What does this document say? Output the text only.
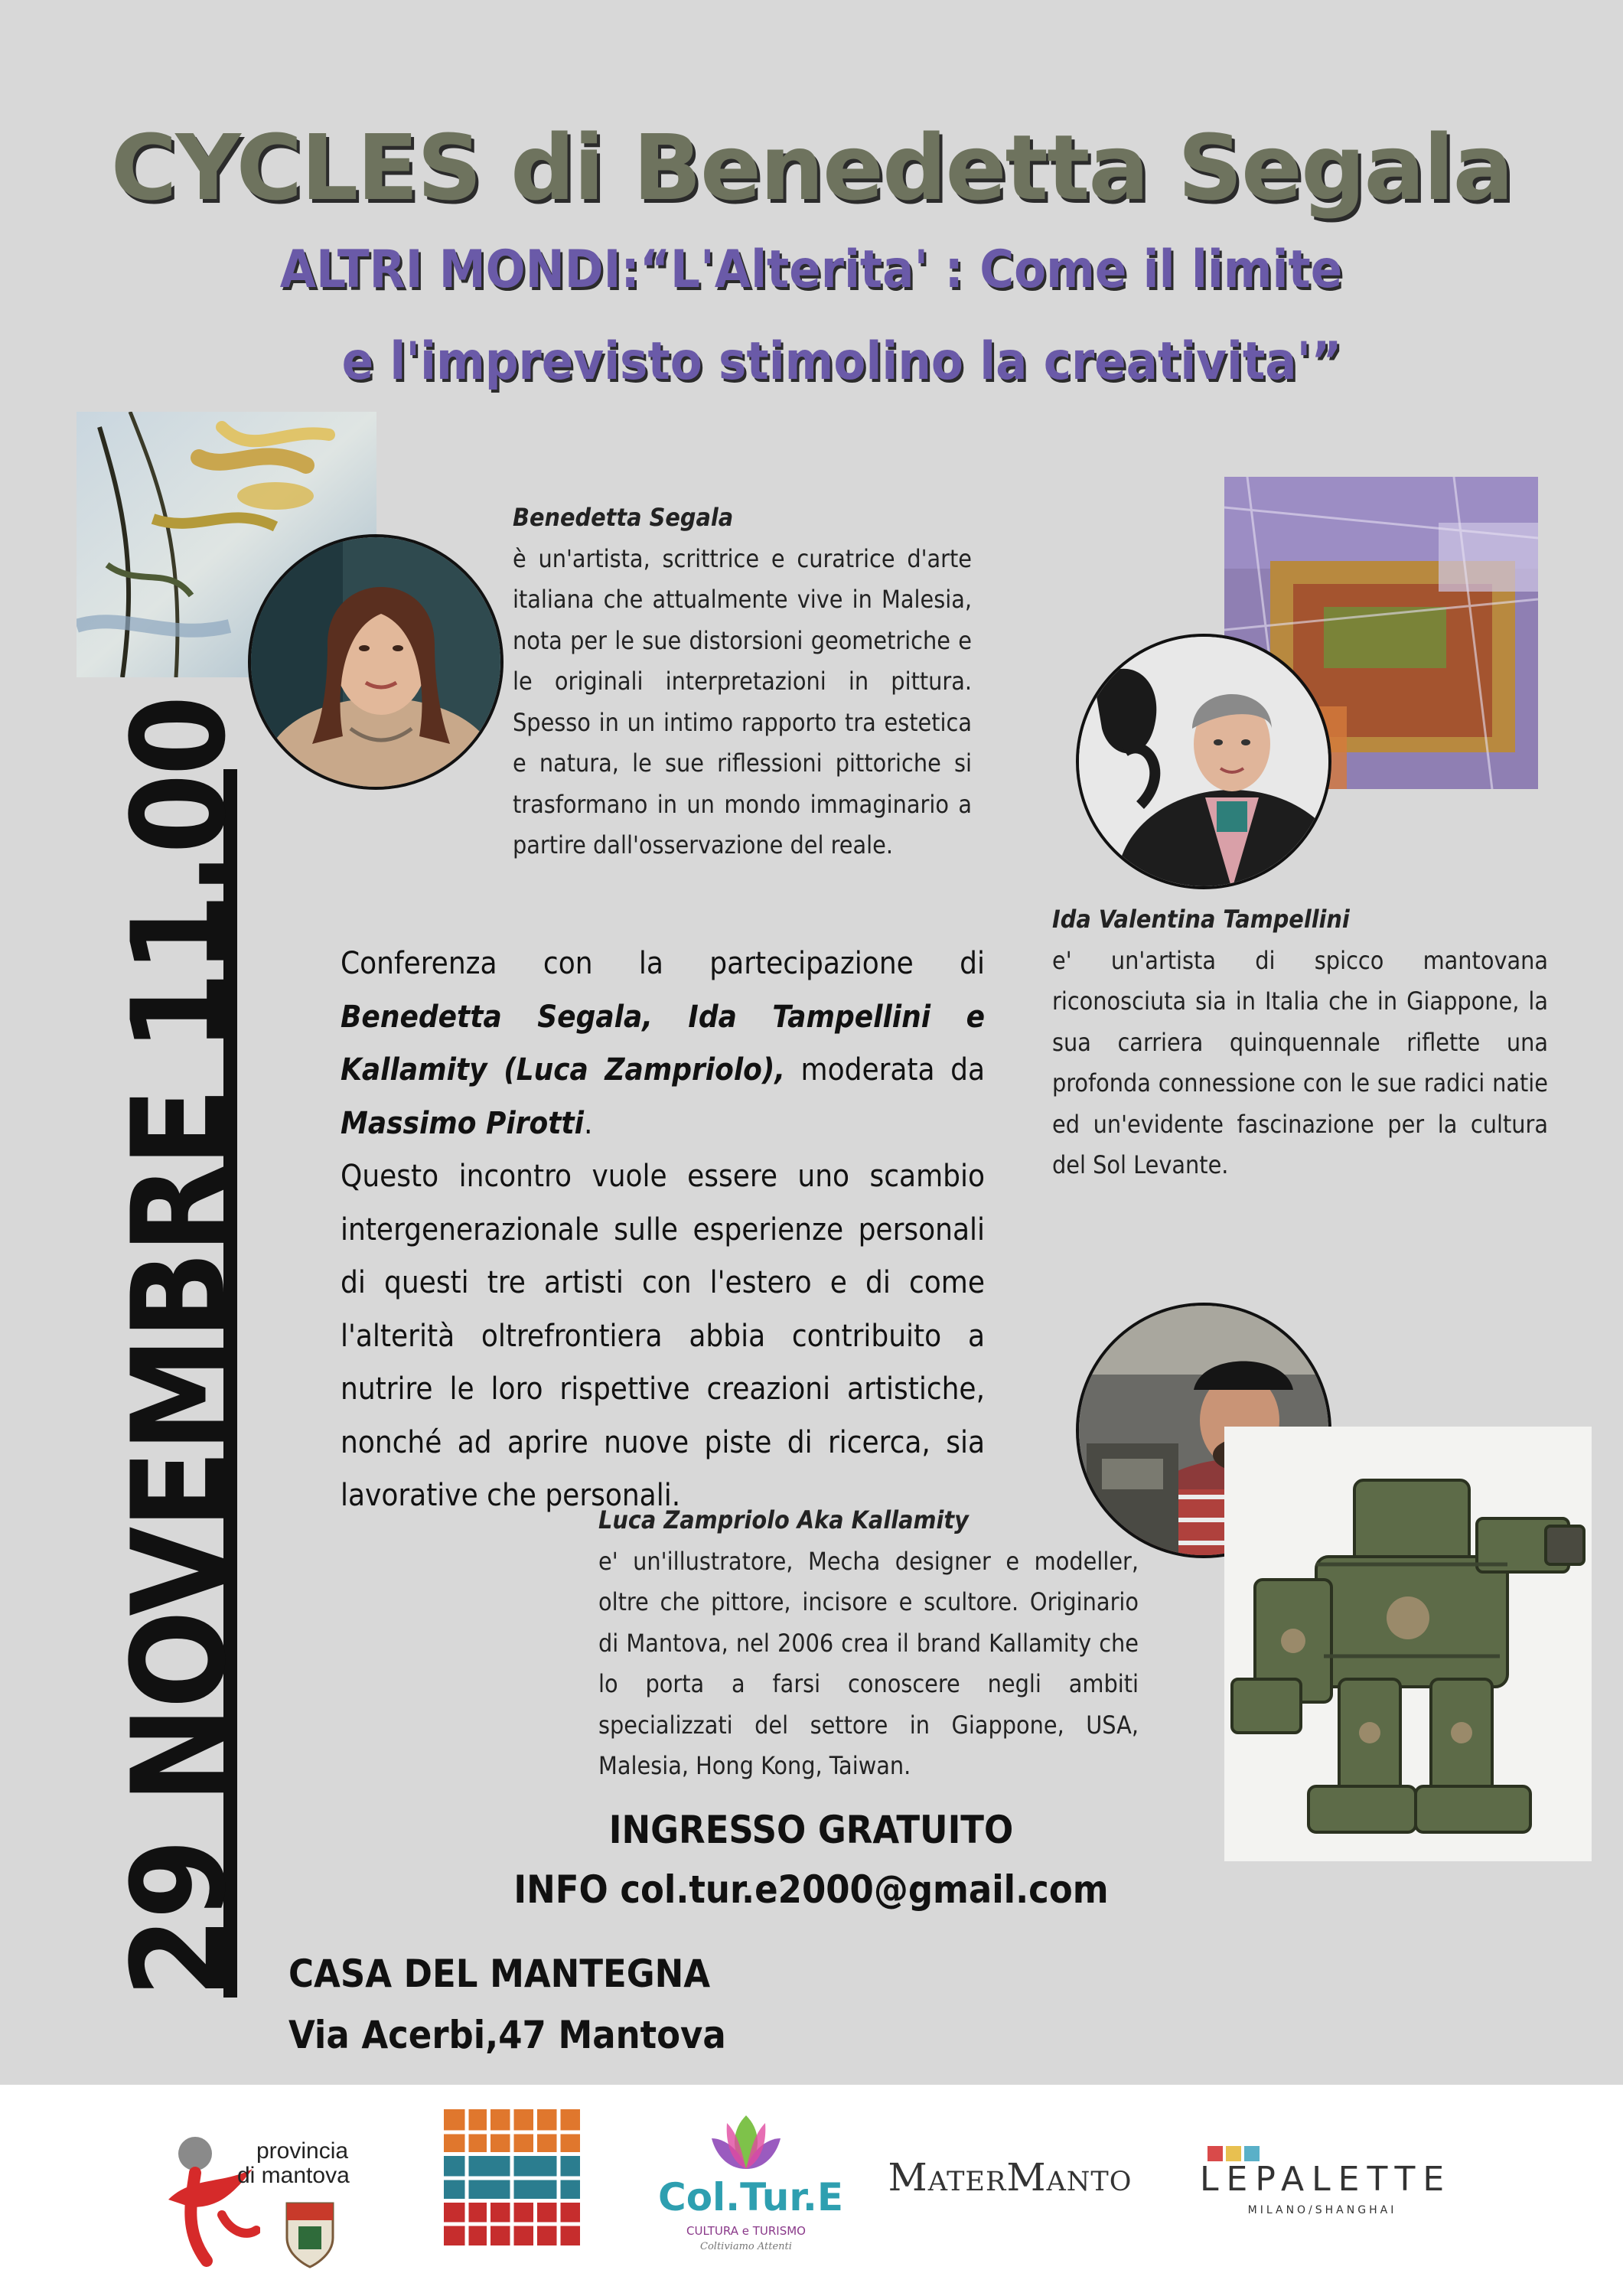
CYCLES di Benedetta Segala
ALTRI MONDI:“L'Alterita' : Come il limite
e l'imprevisto stimolino la creativita'”
Benedetta Segala
è un'artista, scrittrice e curatrice d'arte italiana che attualmente vive in Malesia, nota per le sue distorsioni geometriche e le originali interpretazioni in pittura. Spesso in un intimo rapporto tra estetica e natura, le sue riflessioni pittoriche si trasformano in un mondo immaginario a partire dall'osservazione del reale.
Ida Valentina Tampellini
e' un'artista di spicco mantovana riconosciuta sia in Italia che in Giappone, la sua carriera quinquennale riflette una profonda connessione con le sue radici natie ed un'evidente fascinazione per la cultura del Sol Levante.
29 NOVEMBRE 11.00	Conferenza con la partecipazione di Benedetta Segala, Ida Tampellini e Kallamity (Luca Zampriolo), moderata da Massimo Pirotti.
Questo incontro vuole essere uno scambio intergenerazionale sulle esperienze personali di questi tre artisti con l'estero e di come l'alterità oltrefrontiera abbia contribuito a nutrire le loro rispettive creazioni artistiche, nonché ad aprire nuove piste di ricerca, sia lavorative che personali.
Luca Zampriolo Aka Kallamity
e' un'illustratore, Mecha designer e modeller, oltre che pittore, incisore e scultore. Originario di Mantova, nel 2006 crea il brand Kallamity che lo porta a farsi conoscere negli ambiti specializzati del settore in Giappone, USA, Malesia, Hong Kong, Taiwan.
INGRESSO GRATUITO
INFO col.tur.e2000@gmail.com
CASA DEL MANTEGNA
Via Acerbi,47 Mantova
provincia
di mantova	Col.Tur.E
CULTURA e TURISMO
Coltiviamo Attenti
MaterManto LEPALETTE
MILANO/SHANGHAI
